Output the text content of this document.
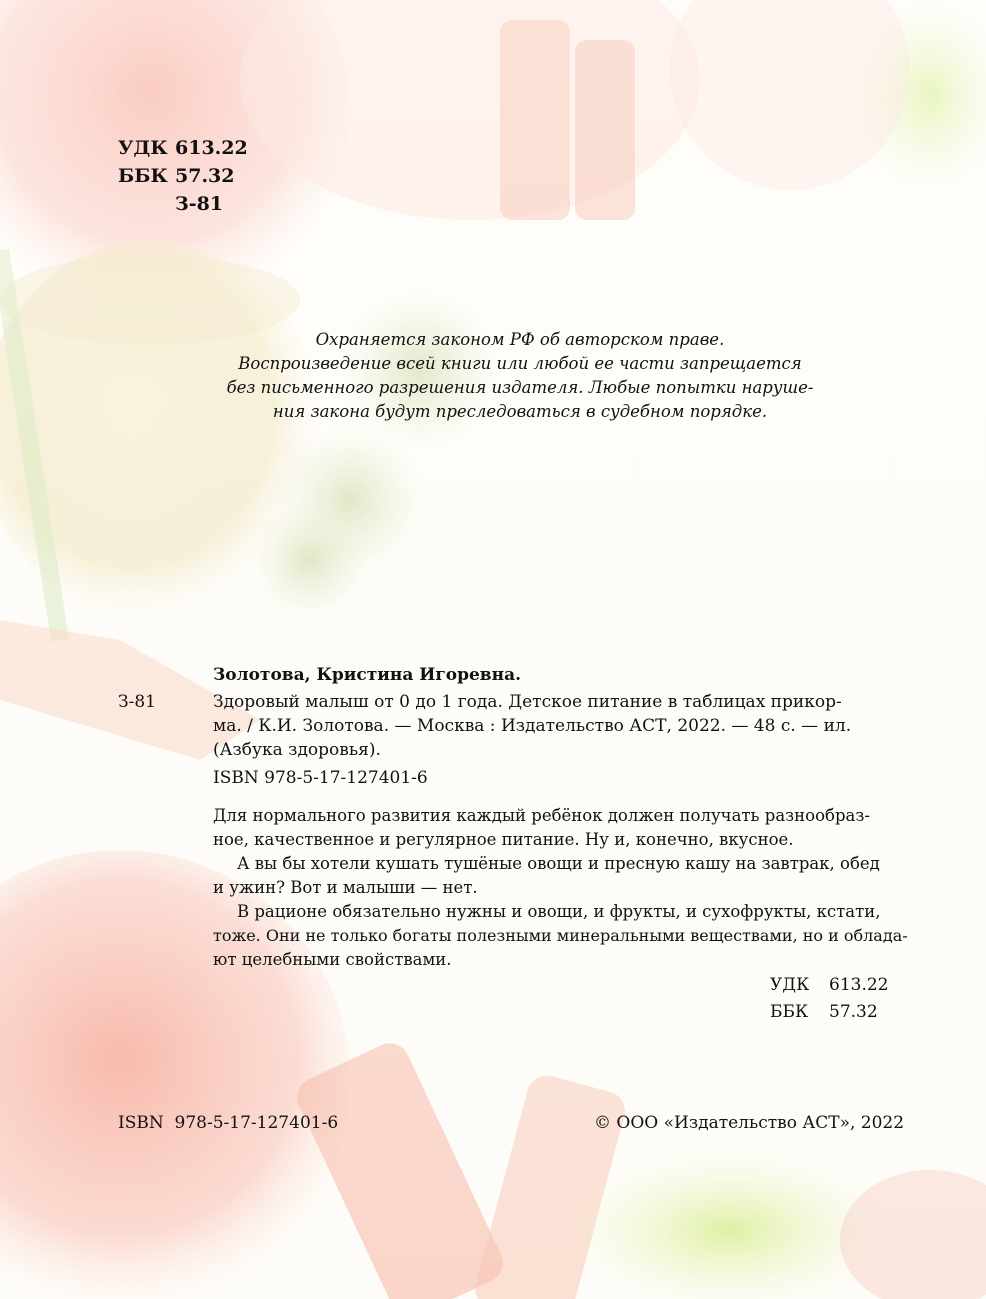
УДК 613.22
ББК 57.32
З-81
Охраняется законом РФ об авторском праве.
Воспроизведение всей книги или любой ее части запрещается
без письменного разрешения издателя. Любые попытки наруше-
ния закона будут преследоваться в судебном порядке.
Золотова, Кристина Игоревна.
З-81	Здоровый малыш от 0 до 1 года. Детское питание в таблицах прикор-
ма. / К.И. Золотова. — Москва : Издательство АСТ, 2022. — 48 с. — ил.
(Азбука здоровья).
ISBN 978-5-17-127401-6
Для нормального развития каждый ребёнок должен получать разнообраз-
ное, качественное и регулярное питание. Ну и, конечно, вкусное.
А вы бы хотели кушать тушёные овощи и пресную кашу на завтрак, обед
и ужин? Вот и малыши — нет.
В рационе обязательно нужны и овощи, и фрукты, и сухофрукты, кстати,
тоже. Они не только богаты полезными минеральными веществами, но и облада-
ют целебными свойствами.
УДК	613.22
ББК	57.32
ISBN 978-5-17-127401-6	© ООО «Издательство АСТ», 2022
